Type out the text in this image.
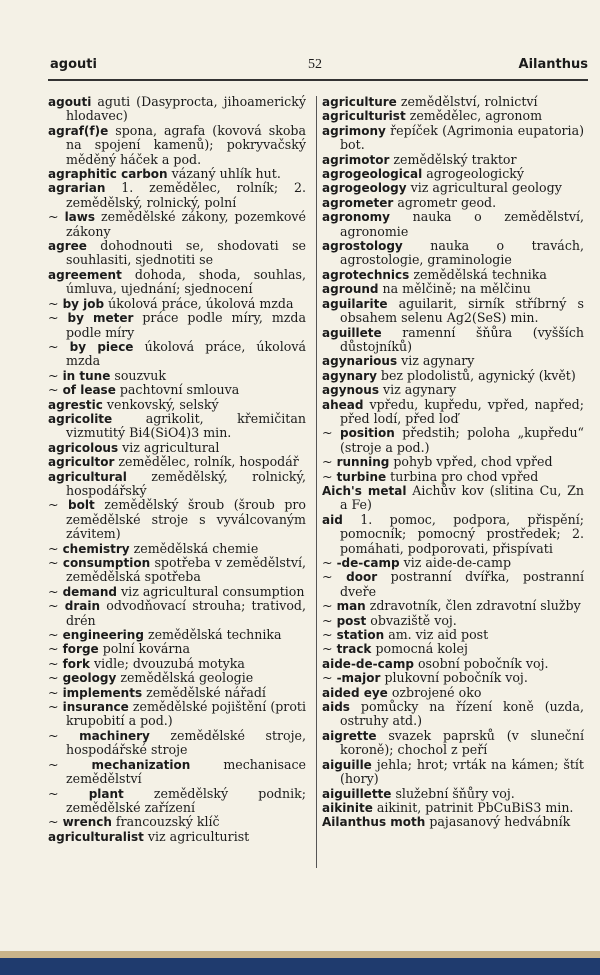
agouti	52	Ailanthus
agouti aguti (Dasyprocta, jihoamerický hlodavec)
agraf(f)e spona, agrafa (kovová skoba na spojení kamenů); pokryvačský měděný háček a pod.
agraphitic carbon vázaný uhlík hut.
agrarian 1. zemědělec, rolník; 2. zemědělský, rolnický, polní
~ laws zemědělské zákony, pozemkové zákony
agree dohodnouti se, shodovati se souhlasiti, sjednotiti se
agreement dohoda, shoda, souhlas, úmluva, ujednání; sjednocení
~ by job úkolová práce, úkolová mzda
~ by meter práce podle míry, mzda podle míry
~ by piece úkolová práce, úkolová mzda
~ in tune souzvuk
~ of lease pachtovní smlouva
agrestic venkovský, selský
agricolite	agrikolit, křemičitan vizmutitý Bi4(SiO4)3 min.
agricolous viz agricultural
agricultor zemědělec, rolník, hospodář
agricultural zemědělský, rolnický, hospodářský
~ bolt zemědělský šroub (šroub pro zemědělské stroje s vyválcovaným závitem)
~ chemistry zemědělská chemie
~ consumption spotřeba v zemědělství, zemědělská spotřeba
~ demand viz agricultural consumption
~ drain odvodňovací strouha; trativod, drén
~ engineering zemědělská technika
~ forge polní kovárna
~ fork vidle; dvouzubá motyka
~ geology zemědělská geologie
~ implements zemědělské nářadí
~ insurance zemědělské pojištění (proti krupobití a pod.)
~ machinery zemědělské stroje, hospodářské stroje
~ mechanization	mechanisace zemědělství
~ plant zemědělský podnik; zemědělské zařízení
~ wrench francouzský klíč
agriculturalist viz agriculturist
agriculture zemědělství, rolnictví
agriculturist zemědělec, agronom
agrimony řepíček (Agrimonia eupatoria) bot.
agrimotor zemědělský traktor
agrogeological agrogeologický
agrogeology viz agricultural geology
agrometer agrometr geod.
agronomy nauka o zemědělství, agronomie
agrostology nauka o travách, agrostologie, graminologie
agrotechnics zemědělská technika
aground na mělčině; na mělčinu
aguilarite aguilarit, sirník stříbrný s obsahem selenu Ag2(SeS) min.
aguillete ramenní šňůra (vyšších důstojníků)
agynarious viz agynary
agynary bez plodolistů, agynický (květ)
agynous viz agynary
ahead vpředu, kupředu, vpřed, napřed; před lodí, před loď
~ position předstih; poloha „kupředu“ (stroje a pod.)
~ running pohyb vpřed, chod vpřed
~ turbine turbina pro chod vpřed
Aich's metal Aichův kov (slitina Cu, Zn a Fe)
aid 1. pomoc, podpora, přispění; pomocník; pomocný prostředek; 2. pomáhati, podporovati, přispívati
~ -de-camp viz aide-de-camp
~ door postranní dvířka, postranní dveře
~ man zdravotník, člen zdravotní služby
~ post obvaziště voj.
~ station am. viz aid post
~ track pomocná kolej
aide-de-camp osobní pobočník voj.
~ -major plukovní pobočník voj.
aided eye ozbrojené oko
aids pomůcky na řízení koně (uzda, ostruhy atd.)
aigrette svazek paprsků (v sluneční koroně); chochol z peří
aiguille jehla; hrot; vrták na kámen; štít (hory)
aiguillette služební šňůry voj.
aikinite aikinit, patrinit PbCuBiS3 min.
Ailanthus moth pajasanový hedvábník
